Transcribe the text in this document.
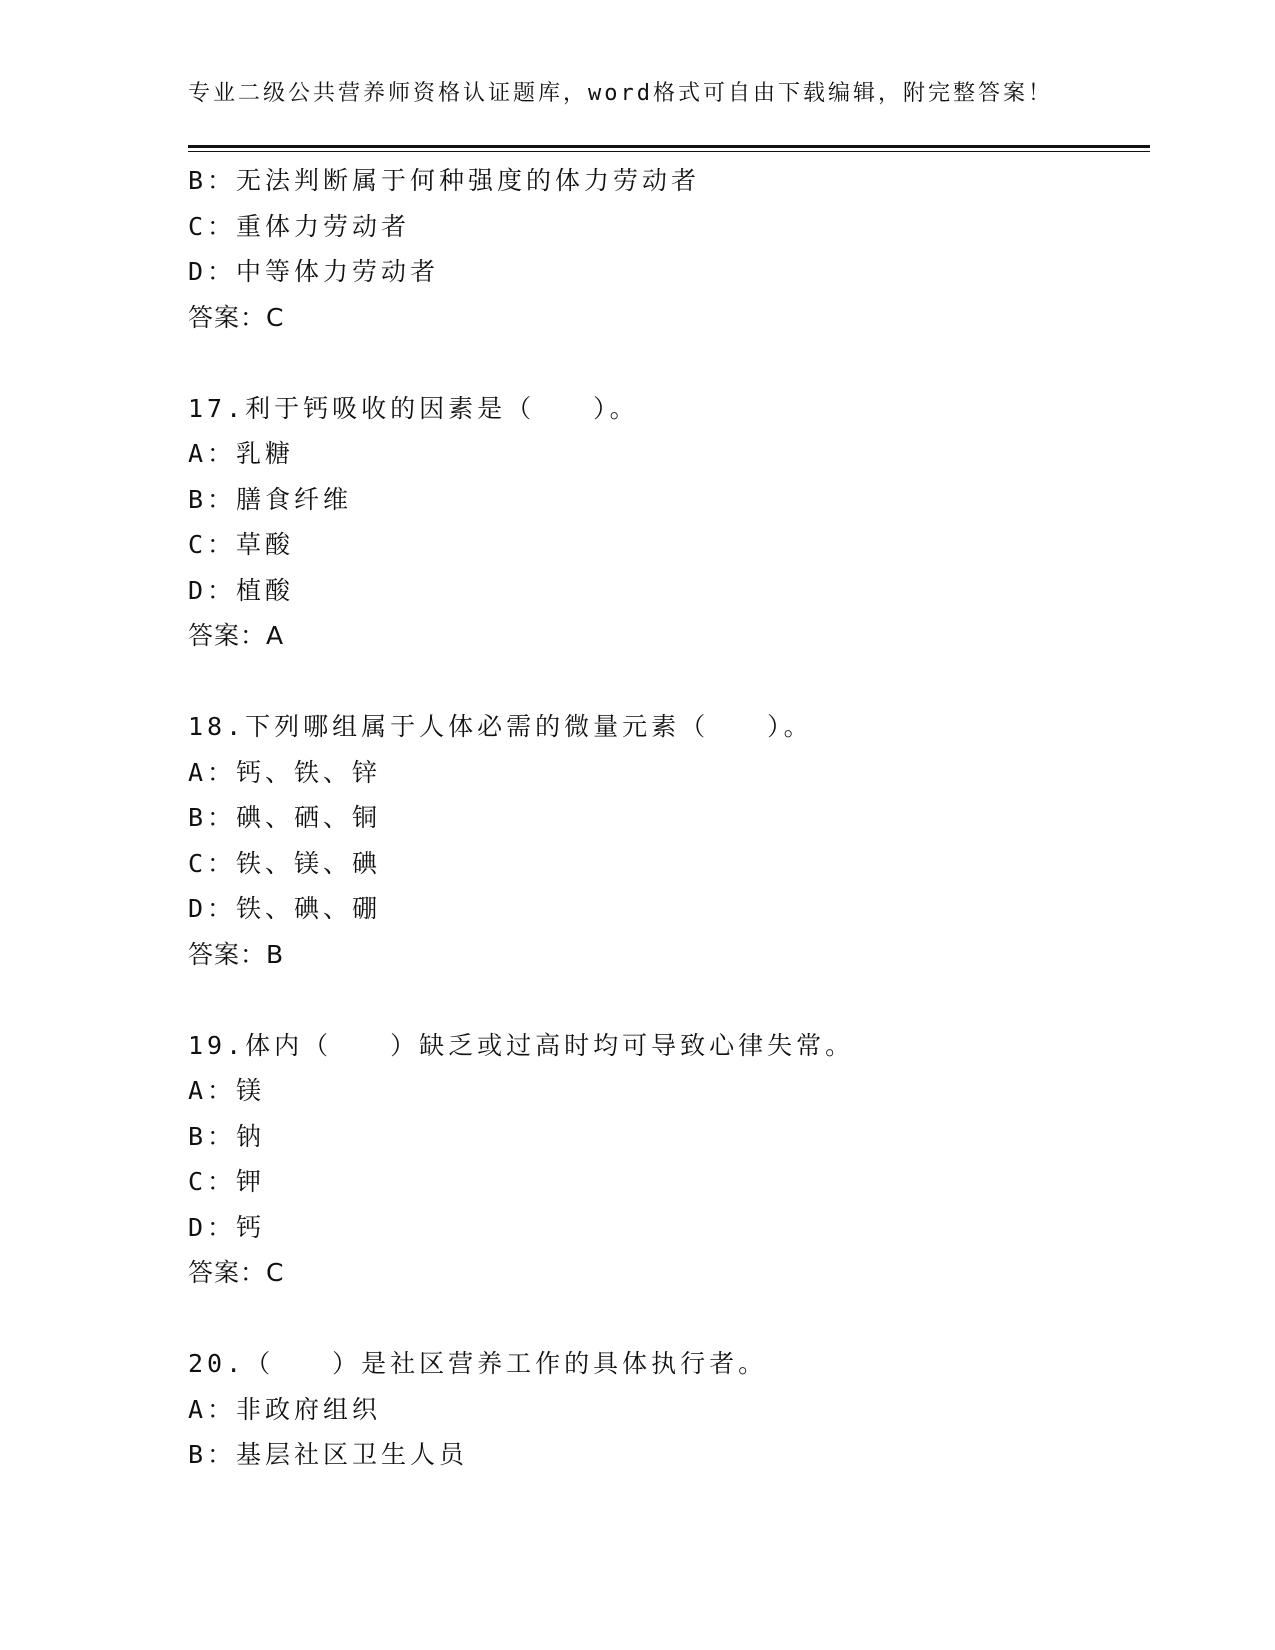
专业二级公共营养师资格认证题库，word格式可自由下载编辑，附完整答案！
B：无法判断属于何种强度的体力劳动者
C：重体力劳动者
D：中等体力劳动者
答案：C
17.利于钙吸收的因素是（　　）。
A：乳糖
B：膳食纤维
C：草酸
D：植酸
答案：A
18.下列哪组属于人体必需的微量元素（　　）。
A：钙、铁、锌
B：碘、硒、铜
C：铁、镁、碘
D：铁、碘、硼
答案：B
19.体内（　　）缺乏或过高时均可导致心律失常。
A：镁
B：钠
C：钾
D：钙
答案：C
20.（　　）是社区营养工作的具体执行者。
A：非政府组织
B：基层社区卫生人员
